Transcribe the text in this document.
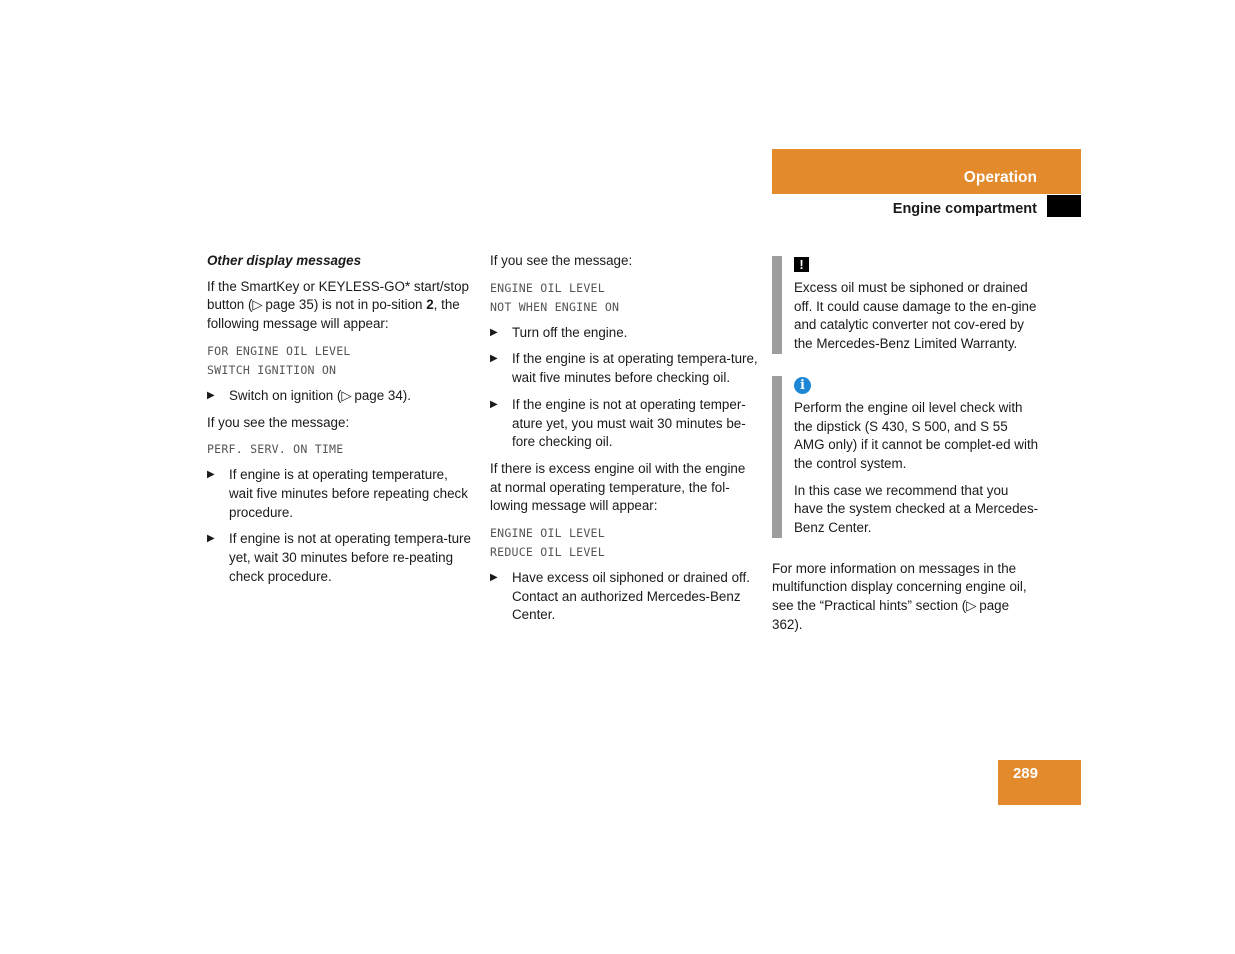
Operation
Engine compartment

Other display messages

If the SmartKey or KEYLESS-GO* start/stop button (▷  page 35) is not in po-sition 2, the following message will appear:

FOR ENGINE OIL LEVEL
SWITCH IGNITION ON
▶ Switch on ignition (▷  page 34).

If you see the message:

PERF. SERV. ON TIME
▶ If engine is at operating temperature, wait five minutes before repeating check procedure.
▶ If engine is not at operating tempera-ture yet, wait 30 minutes before re-peating check procedure.

If you see the message:

ENGINE OIL LEVEL
NOT WHEN ENGINE ON
▶ Turn off the engine.
▶ If the engine is at operating tempera-ture, wait five minutes before checking oil.
▶ If the engine is not at operating temper-ature yet, you must wait 30 minutes be-fore checking oil.

If there is excess engine oil with the engine at normal operating temperature, the fol-lowing message will appear:

ENGINE OIL LEVEL
REDUCE OIL LEVEL
▶ Have excess oil siphoned or drained off. Contact an authorized Mercedes-Benz Center.
!
Excess oil must be siphoned or drained off. It could cause damage to the en-gine and catalytic converter not cov-ered by the Mercedes-Benz Limited Warranty.
i

Perform the engine oil level check with the dipstick (S 430, S 500, and S 55 AMG only) if it cannot be complet-ed with the control system.

In this case we recommend that you have the system checked at a Mercedes-Benz Center.
For more information on messages in the multifunction display concerning engine oil, see the “Practical hints” section (▷  page 362).
289
